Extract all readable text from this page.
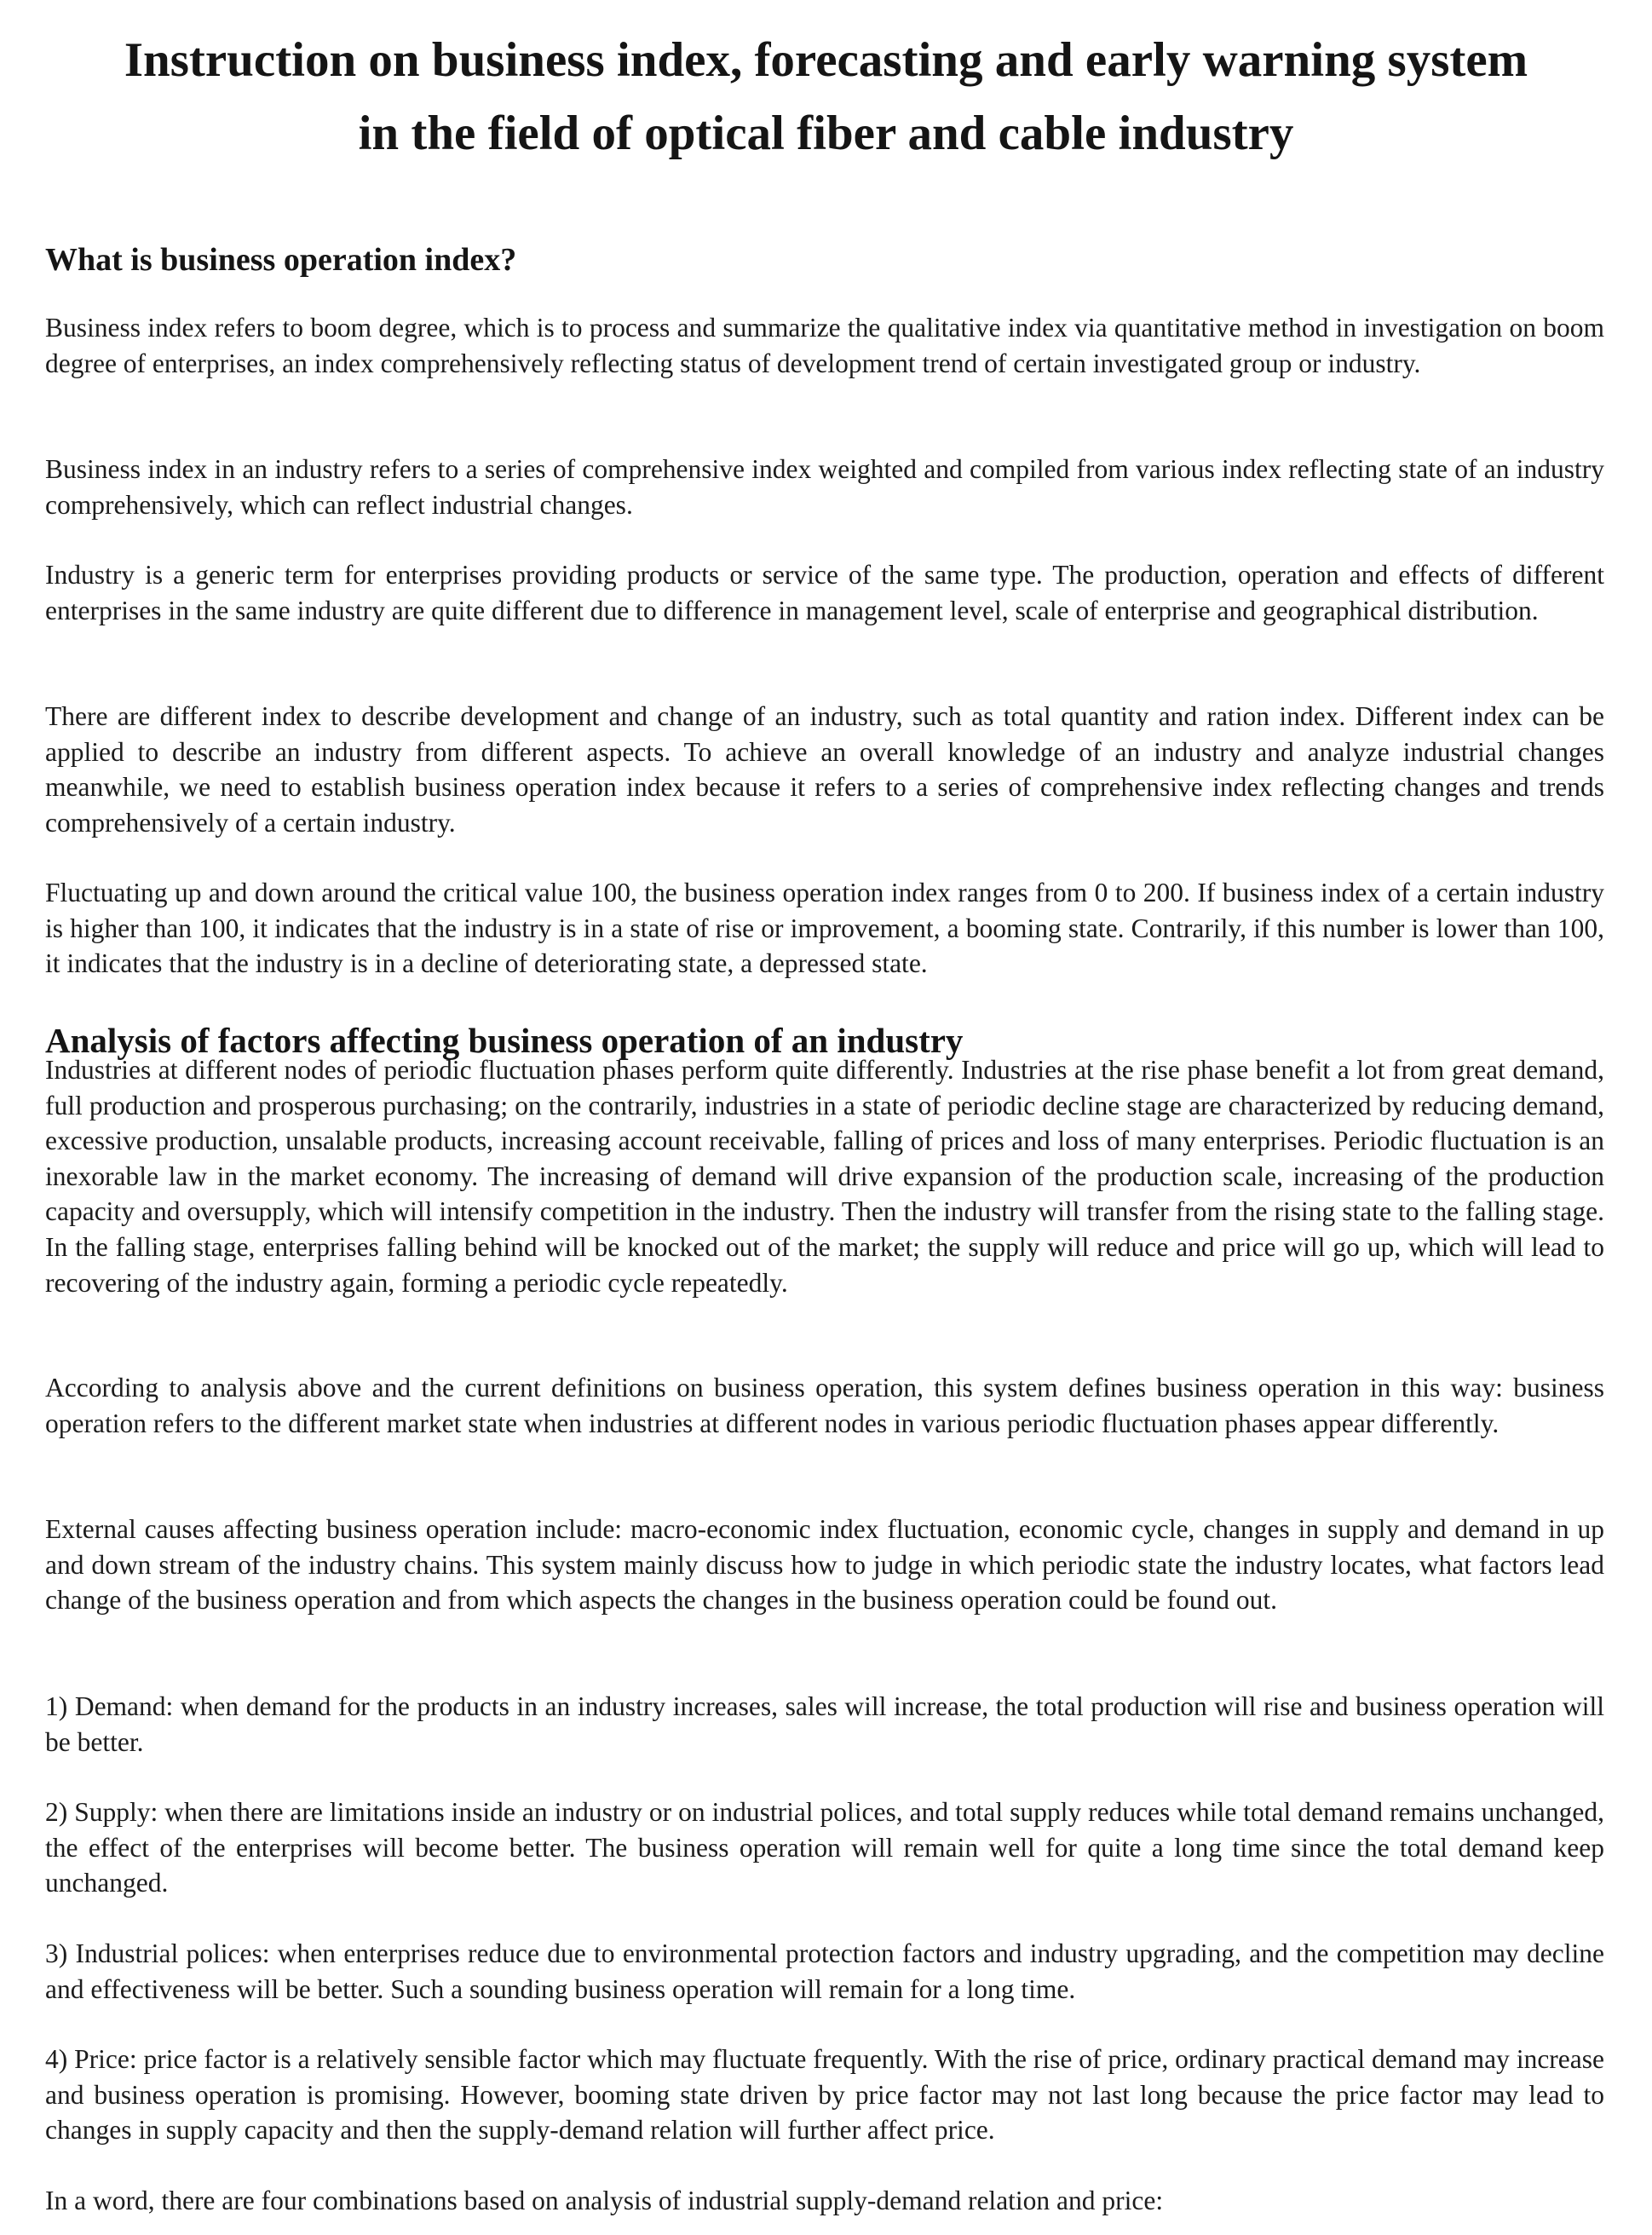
Instruction on business index, forecasting and early warning system
in the field of optical fiber and cable industry
What is business operation index?

Business index refers to boom degree, which is to process and summarize the qualitative index via quantitative method in investigation on boom degree of enterprises, an index comprehensively reflecting status of development trend of certain investigated group or industry.

Business index in an industry refers to a series of comprehensive index weighted and compiled from various index reflecting state of an industry comprehensively, which can reflect industrial changes.

Industry is a generic term for enterprises providing products or service of the same type. The production, operation and effects of different enterprises in the same industry are quite different due to difference in management level, scale of enterprise and geographical distribution.

There are different index to describe development and change of an industry, such as total quantity and ration index. Different index can be applied to describe an industry from different aspects. To achieve an overall knowledge of an industry and analyze industrial changes meanwhile, we need to establish business operation index because it refers to a series of comprehensive index reflecting changes and trends comprehensively of a certain industry.

Fluctuating up and down around the critical value 100, the business operation index ranges from 0 to 200. If business index of a certain industry is higher than 100, it indicates that the industry is in a state of rise or improvement, a booming state. Contrarily, if this number is lower than 100, it indicates that the industry is in a decline of deteriorating state, a depressed state.

Analysis of factors affecting business operation of an industry

Industries at different nodes of periodic fluctuation phases perform quite differently. Industries at the rise phase benefit a lot from great demand, full production and prosperous purchasing; on the contrarily, industries in a state of periodic decline stage are characterized by reducing demand, excessive production, unsalable products, increasing account receivable, falling of prices and loss of many enterprises. Periodic fluctuation is an inexorable law in the market economy. The increasing of demand will drive expansion of the production scale, increasing of the production capacity and oversupply, which will intensify competition in the industry. Then the industry will transfer from the rising state to the falling stage. In the falling stage, enterprises falling behind will be knocked out of the market; the supply will reduce and price will go up, which will lead to recovering of the industry again, forming a periodic cycle repeatedly.

According to analysis above and the current definitions on business operation, this system defines business operation in this way: business operation refers to the different market state when industries at different nodes in various periodic fluctuation phases appear differently.

External causes affecting business operation include: macro-economic index fluctuation, economic cycle, changes in supply and demand in up and down stream of the industry chains. This system mainly discuss how to judge in which periodic state the industry locates, what factors lead change of the business operation and from which aspects the changes in the business operation could be found out.

1) Demand: when demand for the products in an industry increases, sales will increase, the total production will rise and business operation will be better.

2) Supply: when there are limitations inside an industry or on industrial polices, and total supply reduces while total demand remains unchanged, the effect of the enterprises will become better. The business operation will remain well for quite a long time since the total demand keep unchanged.

3) Industrial polices: when enterprises reduce due to environmental protection factors and industry upgrading, and the competition may decline and effectiveness will be better. Such a sounding business operation will remain for a long time.

4) Price: price factor is a relatively sensible factor which may fluctuate frequently. With the rise of price, ordinary practical demand may increase and business operation is promising. However, booming state driven by price factor may not last long because the price factor may lead to changes in supply capacity and then the supply-demand relation will further affect price.

In a word, there are four combinations based on analysis of industrial supply-demand relation and price:
